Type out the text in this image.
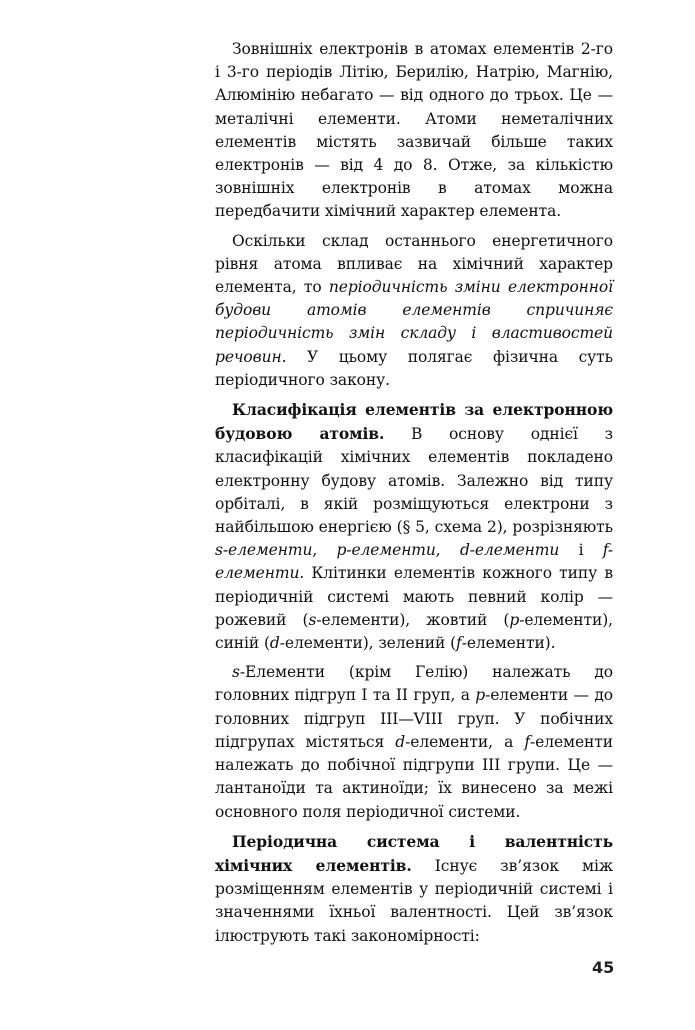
Зовнішніх електронів в атомах елементів 2-го і 3-го періодів Літію, Берилію, Натрію, Магнію, Алюмінію небагато — від одного до трьох. Це — металічні елементи. Атоми неметалічних елементів містять зазвичай більше таких електронів — від 4 до 8. Отже, за кількістю зовнішніх електронів в атомах можна передбачити хімічний характер елемента.

Оскільки склад останнього енергетичного рівня атома впливає на хімічний характер елемента, то періодичність зміни електронної будови атомів елементів спричиняє періодичність змін складу і властивостей речовин. У цьому полягає фізична суть періодичного закону.

Класифікація елементів за електронною будовою атомів. В основу однієї з класифікацій хімічних елементів покладено електронну будову атомів. Залежно від типу орбіталі, в якій розміщуються електрони з найбільшою енергією (§ 5, схема 2), розрізняють s-елементи, p-елементи, d-елементи і f-елементи. Клітинки елементів кожного типу в періодичній системі мають певний колір — рожевий (s-елементи), жовтий (p-елементи), синій (d-елементи), зелений (f-елементи).

s-Елементи (крім Гелію) належать до головних підгруп I та II груп, а p-елементи — до головних підгруп III—VIII груп. У побічних підгрупах містяться d-елементи, а f-елементи належать до побічної підгрупи III групи. Це — лантаноїди та актиноїди; їх винесено за межі основного поля періодичної системи.

Періодична система і валентність хімічних елементів. Існує зв’язок між розміщенням елементів у періодичній системі і значеннями їхньої валентності. Цей зв’язок ілюструють такі закономірності:

45
